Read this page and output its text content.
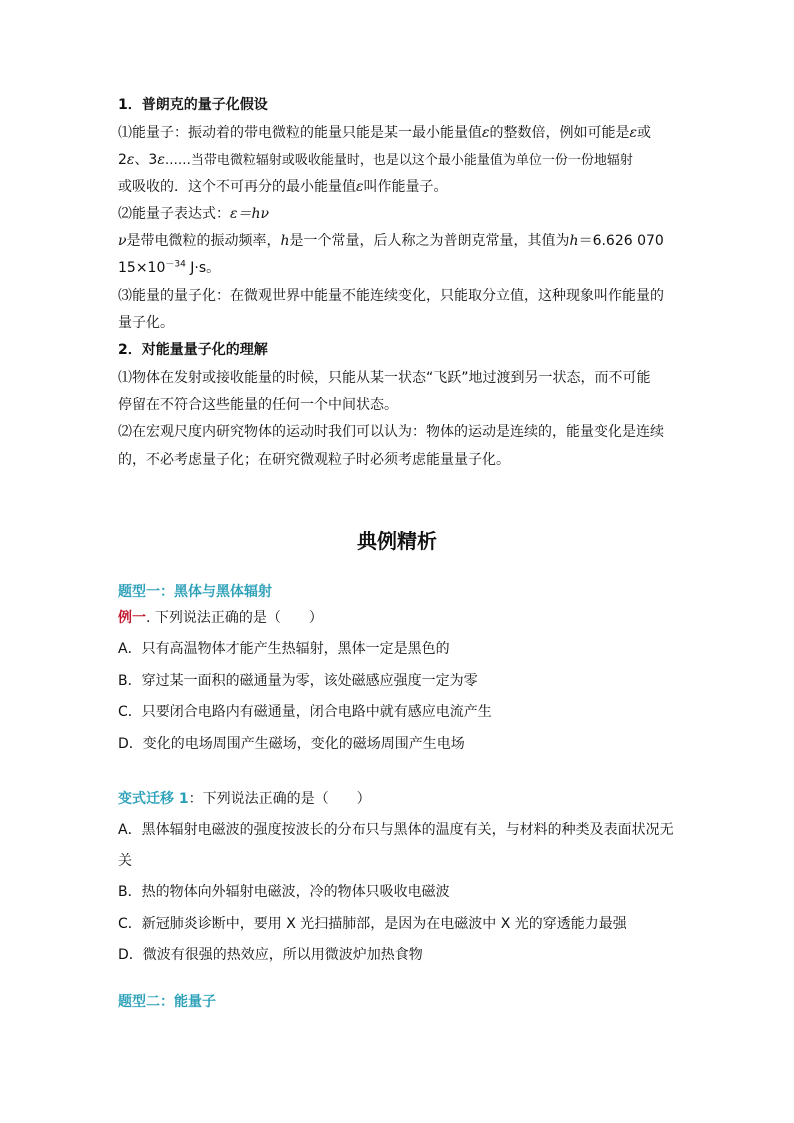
1．普朗克的量子化假设
⑴能量子：振动着的带电微粒的能量只能是某一最小能量值ε的整数倍，例如可能是ε或
2ε、3ε……当带电微粒辐射或吸收能量时，也是以这个最小能量值为单位一份一份地辐射
或吸收的．这个不可再分的最小能量值ε叫作能量子。
⑵能量子表达式：ε＝hν
ν是带电微粒的振动频率，h是一个常量，后人称之为普朗克常量，其值为h＝6.626 070
$15\times 10^{-34}$ J·s。
⑶能量的量子化：在微观世界中能量不能连续变化，只能取分立值，这种现象叫作能量的
量子化。
2．对能量量子化的理解
⑴物体在发射或接收能量的时候，只能从某一状态“飞跃”地过渡到另一状态，而不可能
停留在不符合这些能量的任何一个中间状态。
⑵在宏观尺度内研究物体的运动时我们可以认为：物体的运动是连续的，能量变化是连续
的，不必考虑量子化；在研究微观粒子时必须考虑能量量子化。
典例精析
题型一：黑体与黑体辐射
例一. 下列说法正确的是（　　）
A．只有高温物体才能产生热辐射，黑体一定是黑色的
B．穿过某一面积的磁通量为零，该处磁感应强度一定为零
C．只要闭合电路内有磁通量，闭合电路中就有感应电流产生
D．变化的电场周围产生磁场，变化的磁场周围产生电场
变式迁移 1：下列说法正确的是（　　）
A．黑体辐射电磁波的强度按波长的分布只与黑体的温度有关，与材料的种类及表面状况无
关
B．热的物体向外辐射电磁波，冷的物体只吸收电磁波
C．新冠肺炎诊断中，要用 X 光扫描肺部，是因为在电磁波中 X 光的穿透能力最强
D．微波有很强的热效应，所以用微波炉加热食物
题型二：能量子
